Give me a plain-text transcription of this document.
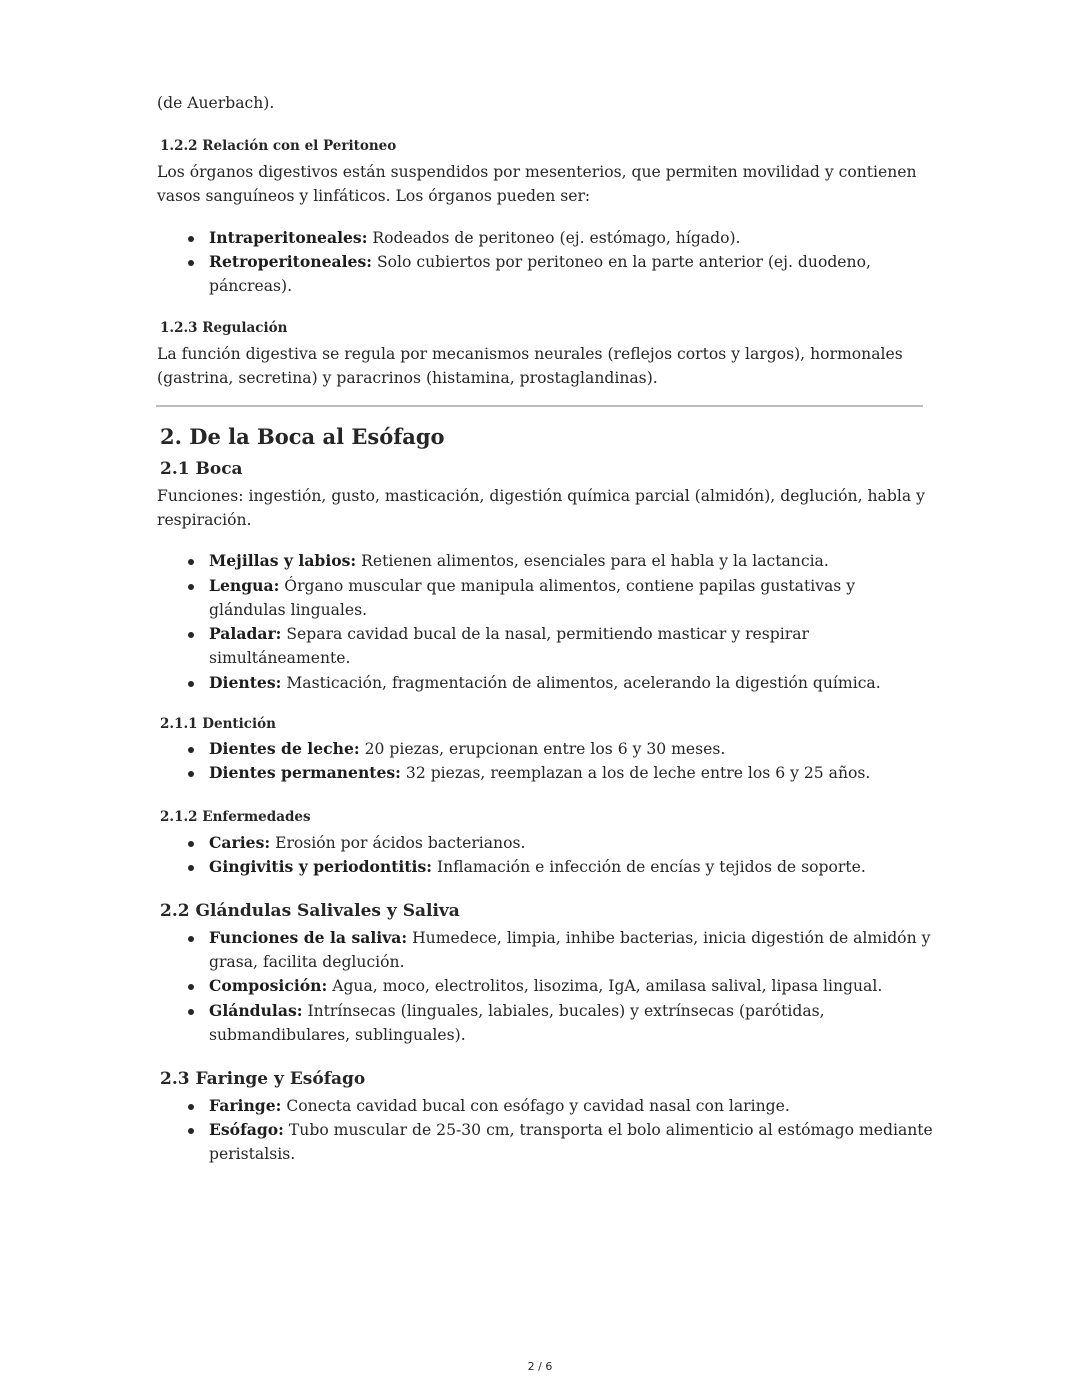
(de Auerbach).
1.2.2 Relación con el Peritoneo
Los órganos digestivos están suspendidos por mesenterios, que permiten movilidad y contienen vasos sanguíneos y linfáticos. Los órganos pueden ser:
Intraperitoneales: Rodeados de peritoneo (ej. estómago, hígado).
Retroperitoneales: Solo cubiertos por peritoneo en la parte anterior (ej. duodeno, páncreas).
1.2.3 Regulación
La función digestiva se regula por mecanismos neurales (reflejos cortos y largos), hormonales (gastrina, secretina) y paracrinos (histamina, prostaglandinas).
2. De la Boca al Esófago
2.1 Boca
Funciones: ingestión, gusto, masticación, digestión química parcial (almidón), deglución, habla y respiración.
Mejillas y labios: Retienen alimentos, esenciales para el habla y la lactancia.
Lengua: Órgano muscular que manipula alimentos, contiene papilas gustativas y glándulas linguales.
Paladar: Separa cavidad bucal de la nasal, permitiendo masticar y respirar simultáneamente.
Dientes: Masticación, fragmentación de alimentos, acelerando la digestión química.
2.1.1 Dentición
Dientes de leche: 20 piezas, erupcionan entre los 6 y 30 meses.
Dientes permanentes: 32 piezas, reemplazan a los de leche entre los 6 y 25 años.
2.1.2 Enfermedades
Caries: Erosión por ácidos bacterianos.
Gingivitis y periodontitis: Inflamación e infección de encías y tejidos de soporte.
2.2 Glándulas Salivales y Saliva
Funciones de la saliva: Humedece, limpia, inhibe bacterias, inicia digestión de almidón y grasa, facilita deglución.
Composición: Agua, moco, electrolitos, lisozima, IgA, amilasa salival, lipasa lingual.
Glándulas: Intrínsecas (linguales, labiales, bucales) y extrínsecas (parótidas, submandibulares, sublinguales).
2.3 Faringe y Esófago
Faringe: Conecta cavidad bucal con esófago y cavidad nasal con laringe.
Esófago: Tubo muscular de 25-30 cm, transporta el bolo alimenticio al estómago mediante peristalsis.
2 / 6
